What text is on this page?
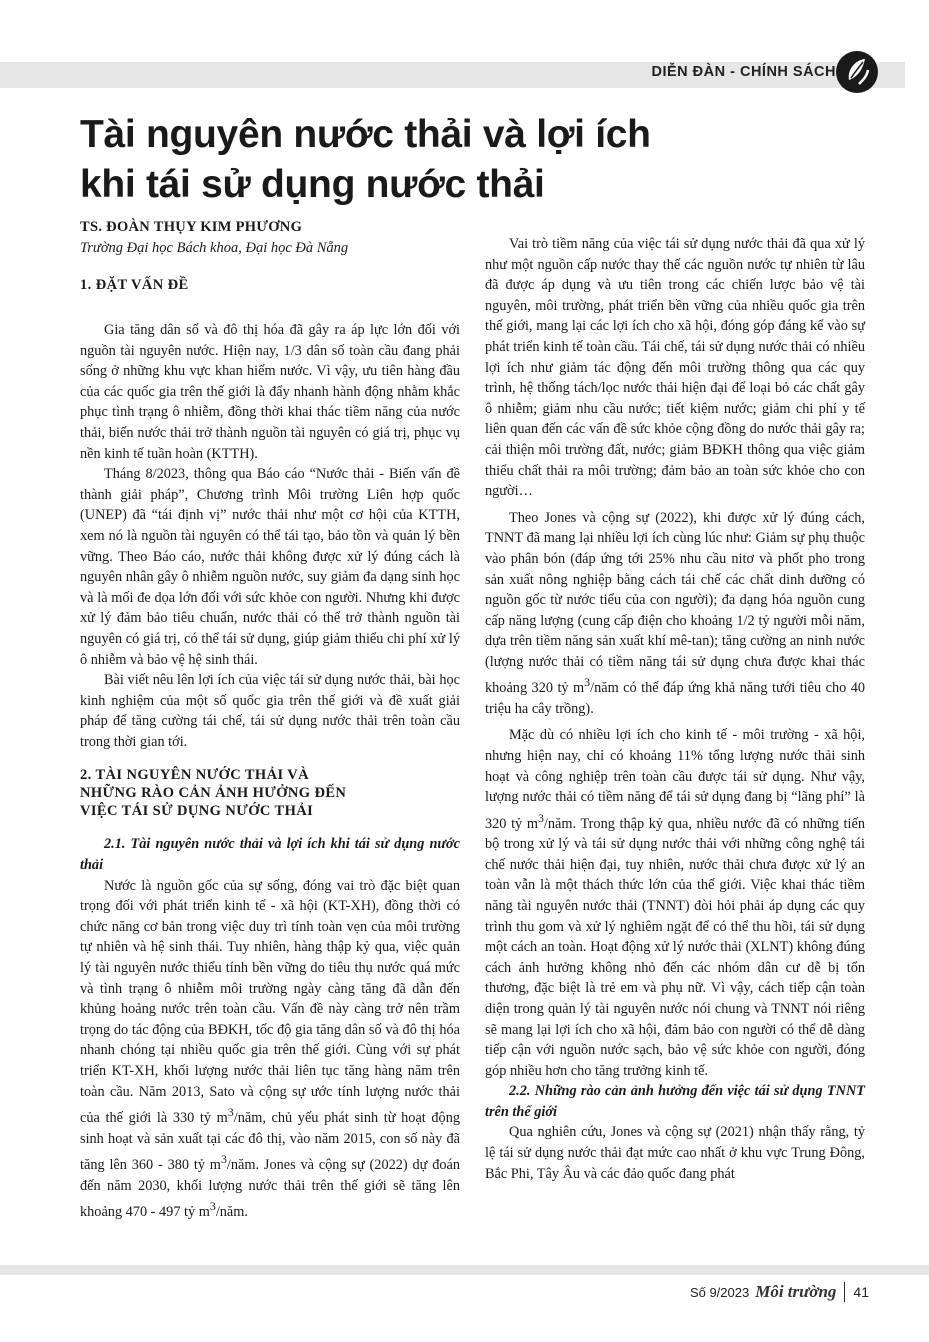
DIỄN ĐÀN - CHÍNH SÁCH
Tài nguyên nước thải và lợi ích khi tái sử dụng nước thải
TS. ĐOÀN THỤY KIM PHƯƠNG
Trường Đại học Bách khoa, Đại học Đà Nẵng
1. ĐẶT VẤN ĐỀ

Gia tăng dân số và đô thị hóa đã gây ra áp lực lớn đối với nguồn tài nguyên nước. Hiện nay, 1/3 dân số toàn cầu đang phải sống ở những khu vực khan hiếm nước. Vì vậy, ưu tiên hàng đầu của các quốc gia trên thế giới là đẩy nhanh hành động nhằm khắc phục tình trạng ô nhiễm, đồng thời khai thác tiềm năng của nước thải, biến nước thải trở thành nguồn tài nguyên có giá trị, phục vụ nền kinh tế tuần hoàn (KTTH).

Tháng 8/2023, thông qua Báo cáo “Nước thải - Biến vấn đề thành giải pháp”, Chương trình Môi trường Liên hợp quốc (UNEP) đã “tái định vị” nước thải như một cơ hội của KTTH, xem nó là nguồn tài nguyên có thể tái tạo, bảo tồn và quản lý bền vững. Theo Báo cáo, nước thải không được xử lý đúng cách là nguyên nhân gây ô nhiễm nguồn nước, suy giảm đa dạng sinh học và là mối đe dọa lớn đối với sức khỏe con người. Nhưng khi được xử lý đảm bảo tiêu chuẩn, nước thải có thể trở thành nguồn tài nguyên có giá trị, có thể tái sử dụng, giúp giảm thiểu chi phí xử lý ô nhiễm và bảo vệ hệ sinh thái.

Bài viết nêu lên lợi ích của việc tái sử dụng nước thải, bài học kinh nghiệm của một số quốc gia trên thế giới và đề xuất giải pháp để tăng cường tái chế, tái sử dụng nước thải trên toàn cầu trong thời gian tới.

2. TÀI NGUYÊN NƯỚC THẢI VÀ
NHỮNG RÀO CẢN ẢNH HƯỞNG ĐẾN
VIỆC TÁI SỬ DỤNG NƯỚC THẢI
2.1. Tài nguyên nước thải và lợi ích khi tái sử dụng nước thải

Nước là nguồn gốc của sự sống, đóng vai trò đặc biệt quan trọng đối với phát triển kinh tế - xã hội (KT-XH), đồng thời có chức năng cơ bản trong việc duy trì tính toàn vẹn của môi trường tự nhiên và hệ sinh thái. Tuy nhiên, hàng thập kỷ qua, việc quản lý tài nguyên nước thiếu tính bền vững do tiêu thụ nước quá mức và tình trạng ô nhiễm môi trường ngày càng tăng đã dẫn đến khủng hoảng nước trên toàn cầu. Vấn đề này càng trở nên trầm trọng do tác động của BĐKH, tốc độ gia tăng dân số và đô thị hóa nhanh chóng tại nhiều quốc gia trên thế giới. Cùng với sự phát triển KT-XH, khối lượng nước thải liên tục tăng hàng năm trên toàn cầu. Năm 2013, Sato và cộng sự ước tính lượng nước thải của thế giới là 330 tỷ $m^3$/năm, chủ yếu phát sinh từ hoạt động sinh hoạt và sản xuất tại các đô thị, vào năm 2015, con số này đã tăng lên 360 - 380 tỷ $m^3$/năm. Jones và cộng sự (2022) dự đoán đến năm 2030, khối lượng nước thải trên thế giới sẽ tăng lên khoảng 470 - 497 tỷ $m^3$/năm.

Vai trò tiềm năng của việc tái sử dụng nước thải đã qua xử lý như một nguồn cấp nước thay thế các nguồn nước tự nhiên từ lâu đã được áp dụng và ưu tiên trong các chiến lược bảo vệ tài nguyên, môi trường, phát triển bền vững của nhiều quốc gia trên thế giới, mang lại các lợi ích cho xã hội, đóng góp đáng kể vào sự phát triển kinh tế toàn cầu. Tái chế, tái sử dụng nước thải có nhiều lợi ích như giảm tác động đến môi trường thông qua các quy trình, hệ thống tách/lọc nước thải hiện đại để loại bỏ các chất gây ô nhiễm; giảm nhu cầu nước; tiết kiệm nước; giảm chi phí y tế liên quan đến các vấn đề sức khỏe cộng đồng do nước thải gây ra; cải thiện môi trường đất, nước; giảm BĐKH thông qua việc giảm thiểu chất thải ra môi trường; đảm bảo an toàn sức khỏe cho con người…

Theo Jones và cộng sự (2022), khi được xử lý đúng cách, TNNT đã mang lại nhiều lợi ích cùng lúc như: Giảm sự phụ thuộc vào phân bón (đáp ứng tới 25% nhu cầu nitơ và phốt pho trong sản xuất nông nghiệp bằng cách tái chế các chất dinh dưỡng có nguồn gốc từ nước tiểu của con người); đa dạng hóa nguồn cung cấp năng lượng (cung cấp điện cho khoảng 1/2 tỷ người mỗi năm, dựa trên tiềm năng sản xuất khí mê-tan); tăng cường an ninh nước (lượng nước thải có tiềm năng tái sử dụng chưa được khai thác khoảng 320 tỷ $m^3$/năm có thể đáp ứng khả năng tưới tiêu cho 40 triệu ha cây trồng).

Mặc dù có nhiều lợi ích cho kinh tế - môi trường - xã hội, nhưng hiện nay, chỉ có khoảng 11% tổng lượng nước thải sinh hoạt và công nghiệp trên toàn cầu được tái sử dụng. Như vậy, lượng nước thải có tiềm năng để tái sử dụng đang bị “lãng phí” là 320 tỷ $m^3$/năm. Trong thập kỷ qua, nhiều nước đã có những tiến bộ trong xử lý và tái sử dụng nước thải với những công nghệ tái chế nước thải hiện đại, tuy nhiên, nước thải chưa được xử lý an toàn vẫn là một thách thức lớn của thế giới. Việc khai thác tiềm năng tài nguyên nước thải (TNNT) đòi hỏi phải áp dụng các quy trình thu gom và xử lý nghiêm ngặt để có thể thu hồi, tái sử dụng một cách an toàn. Hoạt động xử lý nước thải (XLNT) không đúng cách ảnh hưởng không nhỏ đến các nhóm dân cư dễ bị tổn thương, đặc biệt là trẻ em và phụ nữ. Vì vậy, cách tiếp cận toàn diện trong quản lý tài nguyên nước nói chung và TNNT nói riêng sẽ mang lại lợi ích cho xã hội, đảm bảo con người có thể dễ dàng tiếp cận với nguồn nước sạch, bảo vệ sức khỏe con người, đóng góp nhiều hơn cho tăng trưởng kinh tế.

2.2. Những rào cản ảnh hưởng đến việc tái sử dụng TNNT trên thế giới

Qua nghiên cứu, Jones và cộng sự (2021) nhận thấy rằng, tỷ lệ tái sử dụng nước thải đạt mức cao nhất ở khu vực Trung Đông, Bắc Phi, Tây Âu và các đảo quốc đang phát

Số 9/2023 Môi trường 41
